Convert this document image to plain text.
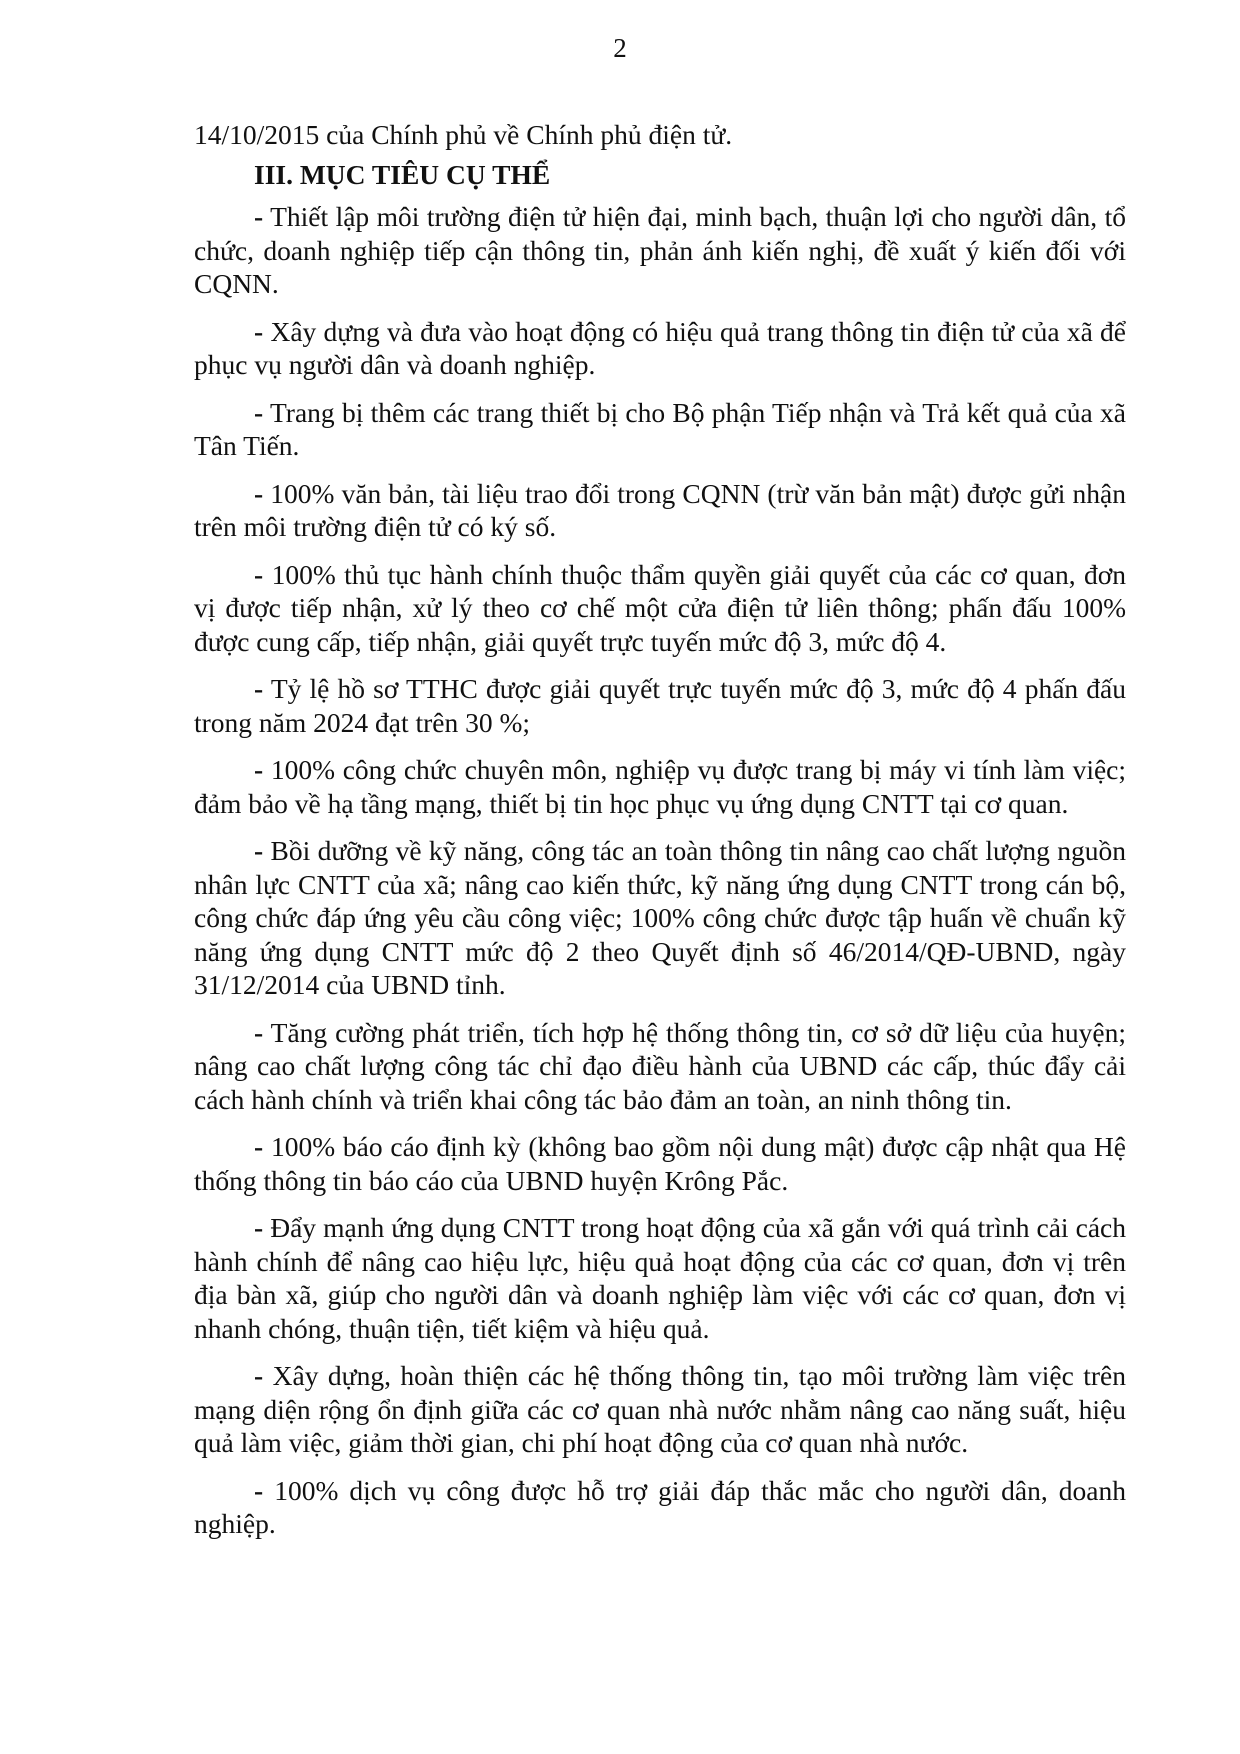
2

14/10/2015 của Chính phủ về Chính phủ điện tử.

III. MỤC TIÊU CỤ THỂ

- Thiết lập môi trường điện tử hiện đại, minh bạch, thuận lợi cho người dân, tổ chức, doanh nghiệp tiếp cận thông tin, phản ánh kiến nghị, đề xuất ý kiến đối với CQNN.

- Xây dựng và đưa vào hoạt động có hiệu quả trang thông tin điện tử của xã để phục vụ người dân và doanh nghiệp.

- Trang bị thêm các trang thiết bị cho Bộ phận Tiếp nhận và Trả kết quả của xã Tân Tiến.

- 100% văn bản, tài liệu trao đổi trong CQNN (trừ văn bản mật) được gửi nhận trên môi trường điện tử có ký số.

- 100% thủ tục hành chính thuộc thẩm quyền giải quyết của các cơ quan, đơn vị được tiếp nhận, xử lý theo cơ chế một cửa điện tử liên thông; phấn đấu 100% được cung cấp, tiếp nhận, giải quyết trực tuyến mức độ 3, mức độ 4.

- Tỷ lệ hồ sơ TTHC được giải quyết trực tuyến mức độ 3, mức độ 4 phấn đấu trong năm 2024 đạt trên 30 %;

- 100% công chức chuyên môn, nghiệp vụ được trang bị máy vi tính làm việc; đảm bảo về hạ tầng mạng, thiết bị tin học phục vụ ứng dụng CNTT tại cơ quan.

- Bồi dưỡng về kỹ năng, công tác an toàn thông tin nâng cao chất lượng nguồn nhân lực CNTT của xã; nâng cao kiến thức, kỹ năng ứng dụng CNTT trong cán bộ, công chức đáp ứng yêu cầu công việc; 100% công chức được tập huấn về chuẩn kỹ năng ứng dụng CNTT mức độ 2 theo Quyết định số 46/2014/QĐ-UBND, ngày 31/12/2014 của UBND tỉnh.

- Tăng cường phát triển, tích hợp hệ thống thông tin, cơ sở dữ liệu của huyện; nâng cao chất lượng công tác chỉ đạo điều hành của UBND các cấp, thúc đẩy cải cách hành chính và triển khai công tác bảo đảm an toàn, an ninh thông tin.

- 100% báo cáo định kỳ (không bao gồm nội dung mật) được cập nhật qua Hệ thống thông tin báo cáo của UBND huyện Krông Pắc.

- Đẩy mạnh ứng dụng CNTT trong hoạt động của xã gắn với quá trình cải cách hành chính để nâng cao hiệu lực, hiệu quả hoạt động của các cơ quan, đơn vị trên địa bàn xã, giúp cho người dân và doanh nghiệp làm việc với các cơ quan, đơn vị nhanh chóng, thuận tiện, tiết kiệm và hiệu quả.

- Xây dựng, hoàn thiện các hệ thống thông tin, tạo môi trường làm việc trên mạng diện rộng ổn định giữa các cơ quan nhà nước nhằm nâng cao năng suất, hiệu quả làm việc, giảm thời gian, chi phí hoạt động của cơ quan nhà nước.

- 100% dịch vụ công được hỗ trợ giải đáp thắc mắc cho người dân, doanh nghiệp.
